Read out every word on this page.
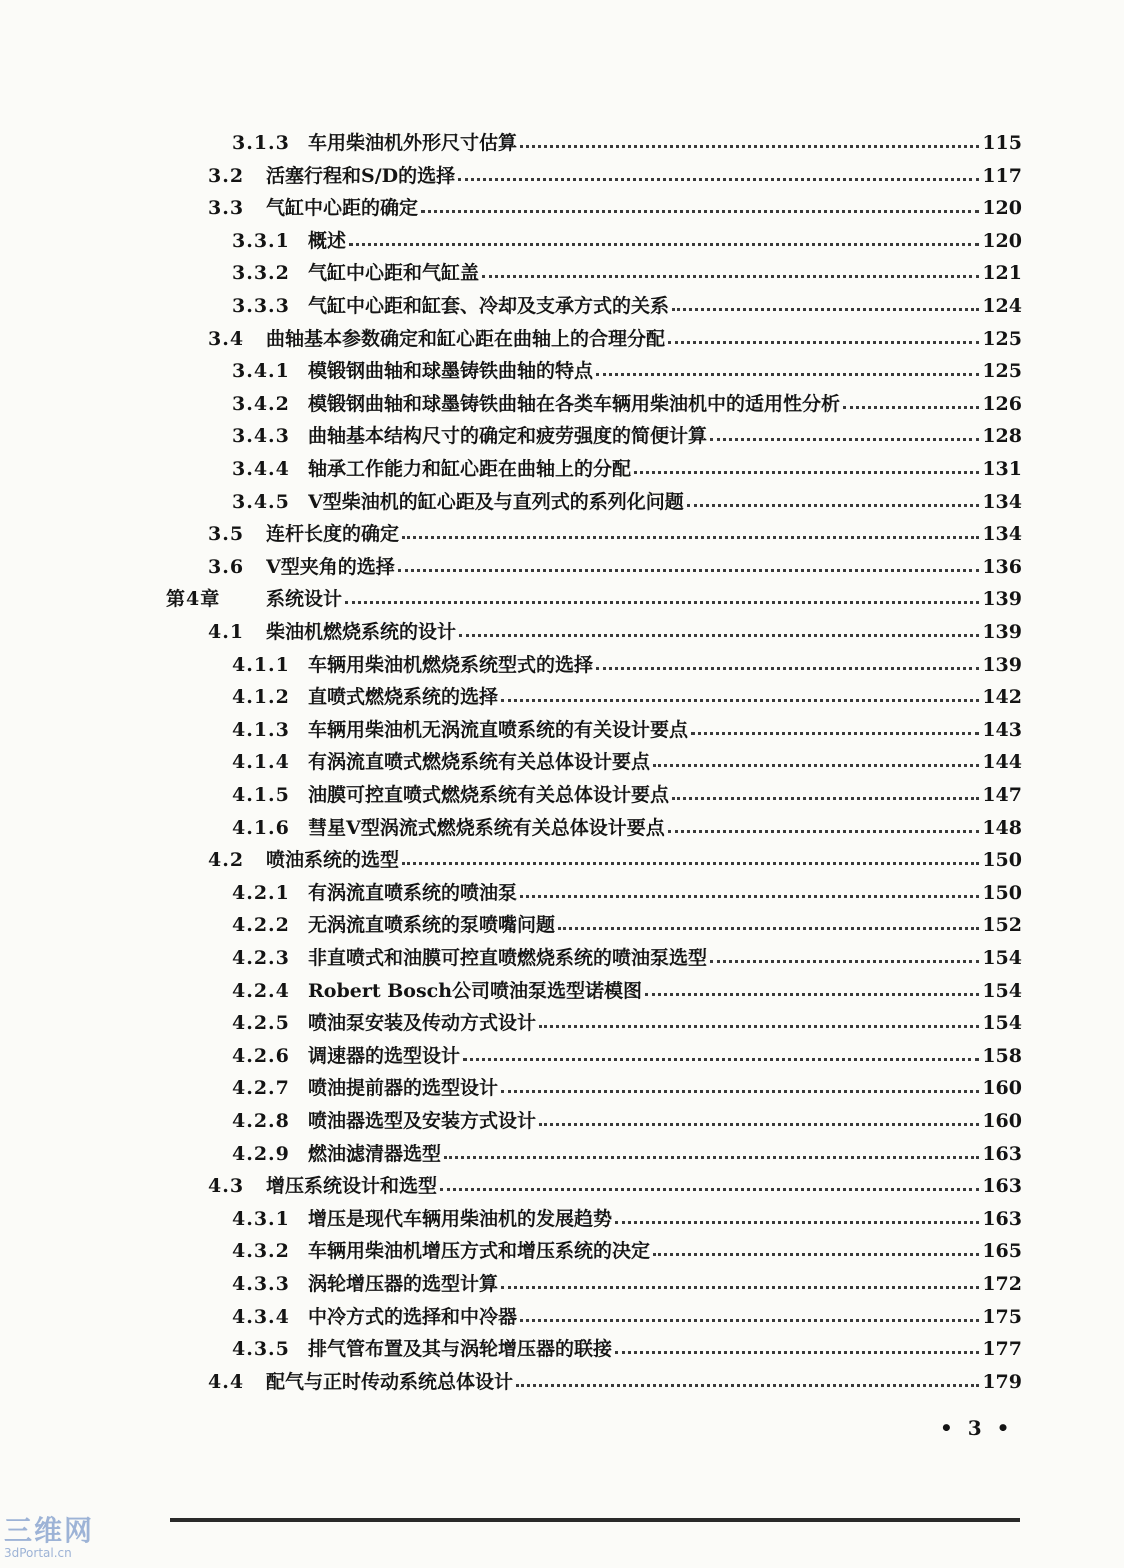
3.1.3 车用柴油机外形尺寸估算	115
3.2	活塞行程和S/D的选择	117
3.3	气缸中心距的确定	120
3.3.1 概述	120
3.3.2 气缸中心距和气缸盖	121
3.3.3 气缸中心距和缸套、冷却及支承方式的关系	124
3.4	曲轴基本参数确定和缸心距在曲轴上的合理分配	125
3.4.1 模锻钢曲轴和球墨铸铁曲轴的特点	125
3.4.2 模锻钢曲轴和球墨铸铁曲轴在各类车辆用柴油机中的适用性分析	126
3.4.3 曲轴基本结构尺寸的确定和疲劳强度的简便计算	128
3.4.4 轴承工作能力和缸心距在曲轴上的分配	131
3.4.5 V型柴油机的缸心距及与直列式的系列化问题	134
3.5	连杆长度的确定	134
3.6	V型夹角的选择	136
第4章	系统设计	139
4.1	柴油机燃烧系统的设计	139
4.1.1 车辆用柴油机燃烧系统型式的选择	139
4.1.2 直喷式燃烧系统的选择	142
4.1.3 车辆用柴油机无涡流直喷系统的有关设计要点	143
4.1.4 有涡流直喷式燃烧系统有关总体设计要点	144
4.1.5 油膜可控直喷式燃烧系统有关总体设计要点	147
4.1.6 彗星V型涡流式燃烧系统有关总体设计要点	148
4.2	喷油系统的选型	150
4.2.1 有涡流直喷系统的喷油泵	150
4.2.2 无涡流直喷系统的泵喷嘴问题	152
4.2.3 非直喷式和油膜可控直喷燃烧系统的喷油泵选型	154
4.2.4 Robert Bosch公司喷油泵选型诺模图	154
4.2.5 喷油泵安装及传动方式设计	154
4.2.6 调速器的选型设计	158
4.2.7 喷油提前器的选型设计	160
4.2.8 喷油器选型及安装方式设计	160
4.2.9 燃油滤清器选型	163
4.3	增压系统设计和选型	163
4.3.1 增压是现代车辆用柴油机的发展趋势	163
4.3.2 车辆用柴油机增压方式和增压系统的决定	165
4.3.3 涡轮增压器的选型计算	172
4.3.4 中冷方式的选择和中冷器	175
4.3.5 排气管布置及其与涡轮增压器的联接	177
4.4	配气与正时传动系统总体设计	179
• 3 •
三维网
3dPortal.cn
